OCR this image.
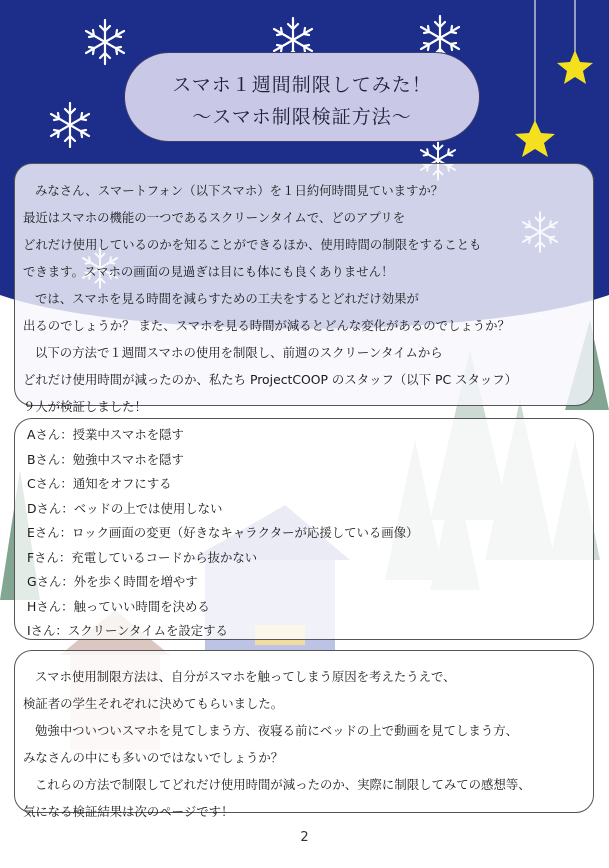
スマホ１週間制限してみた！
～スマホ制限検証方法～
みなさん、スマートフォン（以下スマホ）を１日約何時間見ていますか？
最近はスマホの機能の一つであるスクリーンタイムで、どのアプリを
どれだけ使用しているのかを知ることができるほか、使用時間の制限をすることも
できます。スマホの画面の見過ぎは目にも体にも良くありません！
では、スマホを見る時間を減らすための工夫をするとどれだけ効果が
出るのでしょうか？ また、スマホを見る時間が減るとどんな変化があるのでしょうか？
以下の方法で１週間スマホの使用を制限し、前週のスクリーンタイムから
どれだけ使用時間が減ったのか、私たち ProjectCOOP のスタッフ（以下 PC スタッフ）
９人が検証しました！
Aさん：授業中スマホを隠す
Bさん：勉強中スマホを隠す
Cさん：通知をオフにする
Dさん：ベッドの上では使用しない
Eさん：ロック画面の変更（好きなキャラクターが応援している画像）
Fさん：充電しているコードから抜かない
Gさん：外を歩く時間を増やす
Hさん：触っていい時間を決める
Iさん：スクリーンタイムを設定する
スマホ使用制限方法は、自分がスマホを触ってしまう原因を考えたうえで、
検証者の学生それぞれに決めてもらいました。
勉強中ついついスマホを見てしまう方、夜寝る前にベッドの上で動画を見てしまう方、
みなさんの中にも多いのではないでしょうか？
これらの方法で制限してどれだけ使用時間が減ったのか、実際に制限してみての感想等、
気になる検証結果は次のページです！
2
